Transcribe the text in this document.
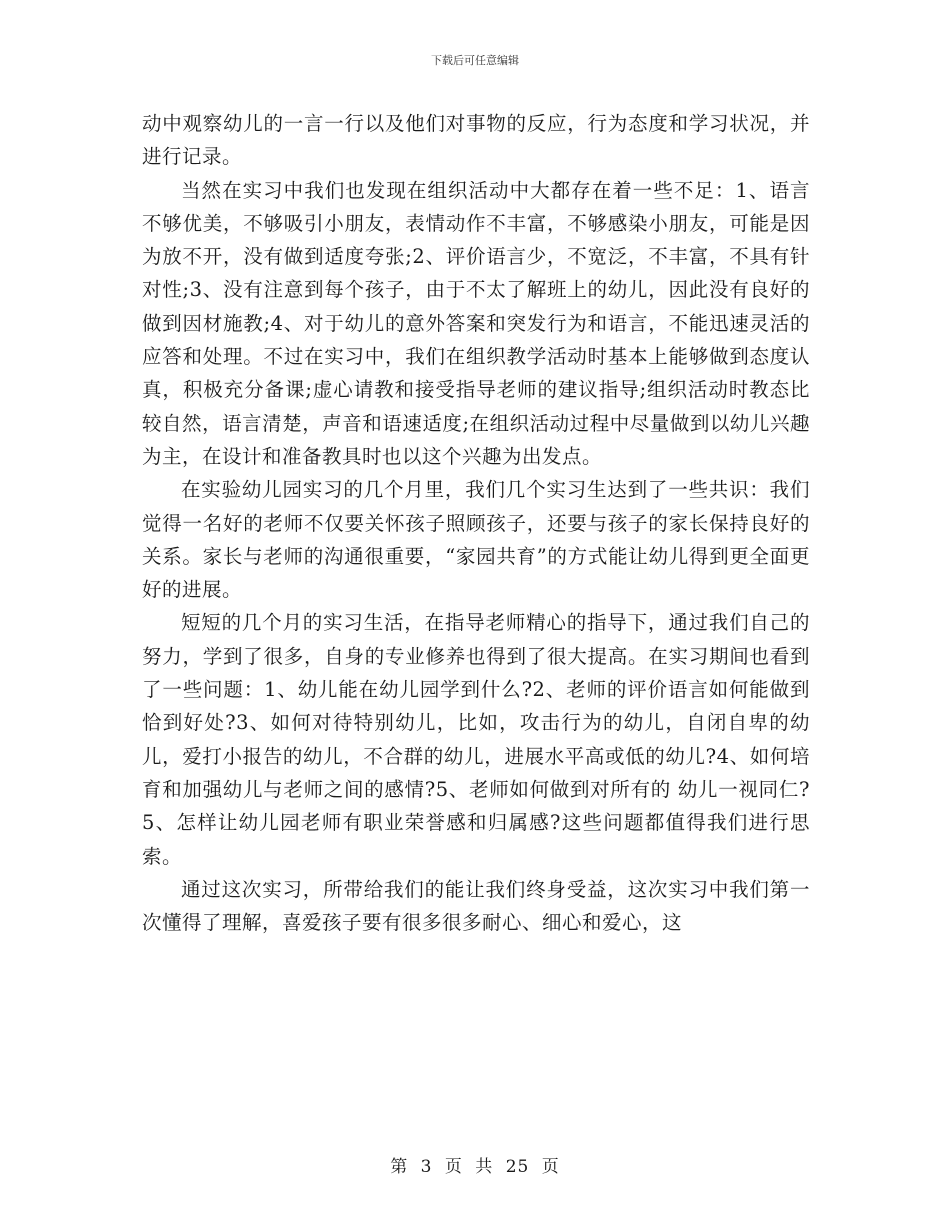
下载后可任意编辑

动中观察幼儿的一言一行以及他们对事物的反应，行为态度和学习状况，并进行记录。

当然在实习中我们也发现在组织活动中大都存在着一些不足：1、语言不够优美，不够吸引小朋友，表情动作不丰富，不够感染小朋友，可能是因为放不开，没有做到适度夸张;2、评价语言少，不宽泛，不丰富，不具有针对性;3、没有注意到每个孩子，由于不太了解班上的幼儿，因此没有良好的做到因材施教;4、对于幼儿的意外答案和突发行为和语言，不能迅速灵活的应答和处理。不过在实习中，我们在组织教学活动时基本上能够做到态度认真，积极充分备课;虚心请教和接受指导老师的建议指导;组织活动时教态比较自然，语言清楚，声音和语速适度;在组织活动过程中尽量做到以幼儿兴趣为主，在设计和准备教具时也以这个兴趣为出发点。

在实验幼儿园实习的几个月里，我们几个实习生达到了一些共识：我们觉得一名好的老师不仅要关怀孩子照顾孩子，还要与孩子的家长保持良好的关系。家长与老师的沟通很重要，“家园共育”的方式能让幼儿得到更全面更好的进展。

短短的几个月的实习生活，在指导老师精心的指导下，通过我们自己的努力，学到了很多，自身的专业修养也得到了很大提高。在实习期间也看到了一些问题：1、幼儿能在幼儿园学到什么?2、老师的评价语言如何能做到恰到好处?3、如何对待特别幼儿，比如，攻击行为的幼儿，自闭自卑的幼儿，爱打小报告的幼儿，不合群的幼儿，进展水平高或低的幼儿?4、如何培育和加强幼儿与老师之间的感情?5、老师如何做到对所有的 幼儿一视同仁?5、怎样让幼儿园老师有职业荣誉感和归属感?这些问题都值得我们进行思索。

通过这次实习，所带给我们的能让我们终身受益，这次实习中我们第一次懂得了理解，喜爱孩子要有很多很多耐心、细心和爱心，这

第 3 页 共 25 页
